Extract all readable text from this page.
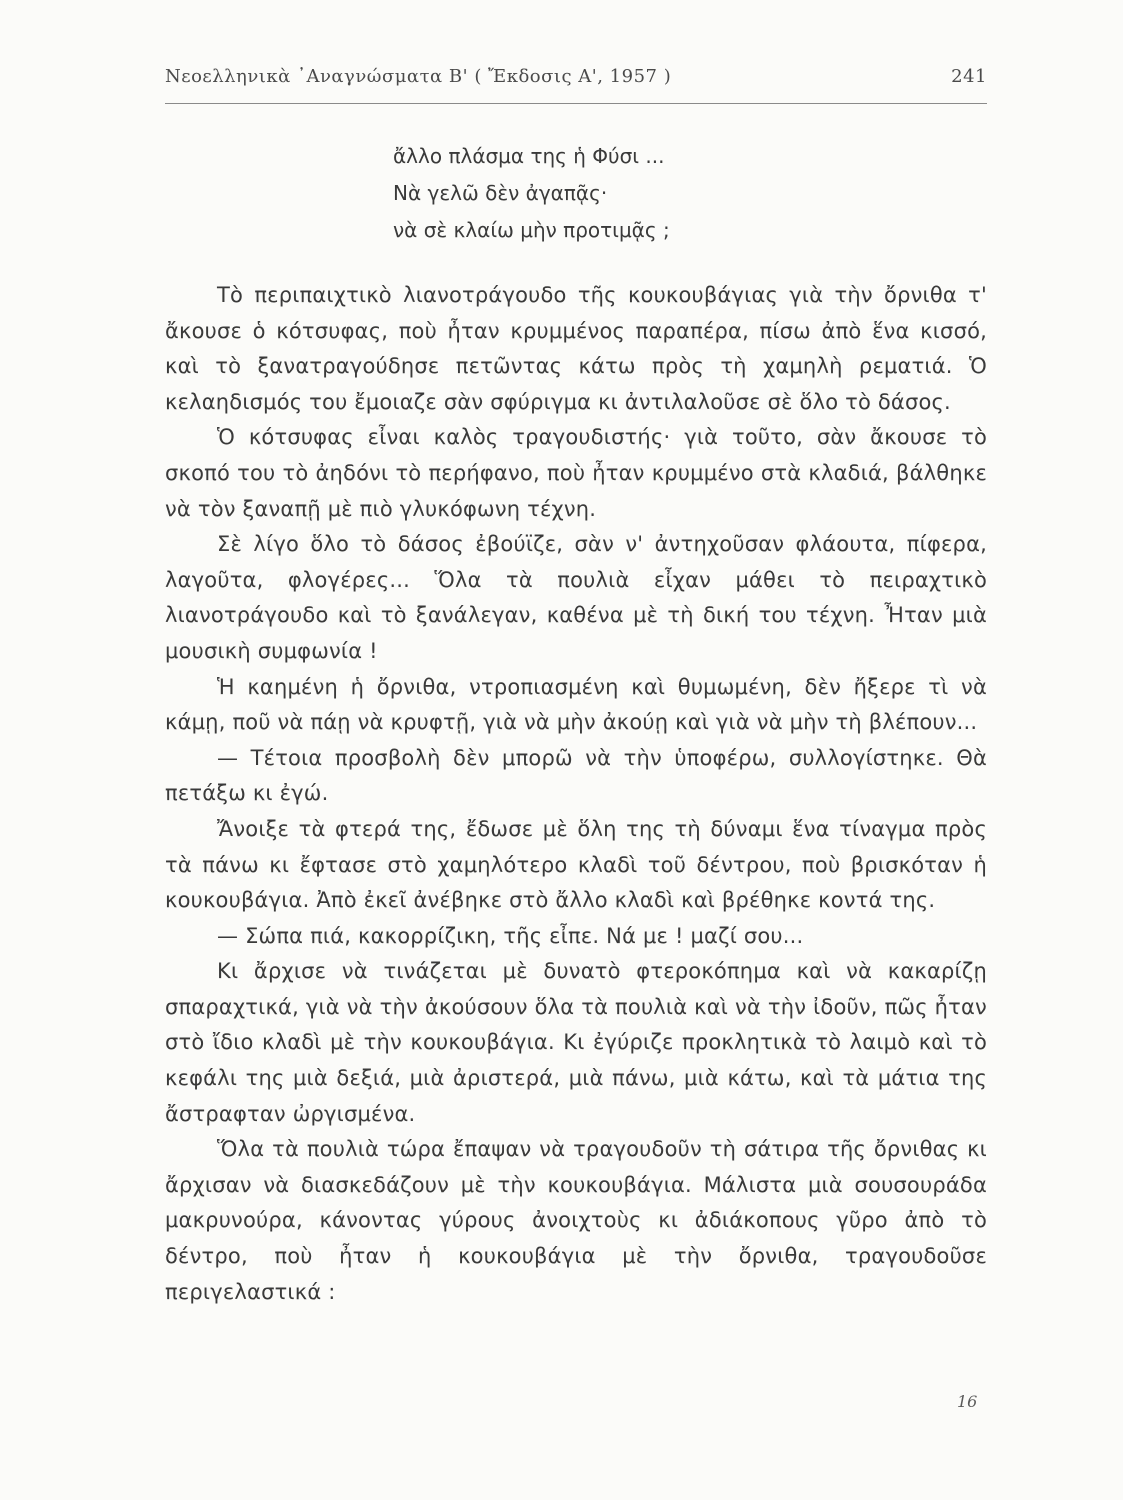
Νεοελληνικὰ ᾿Αναγνώσματα Β' ( Ἔκδοσις Α', 1957 )	241
ἄλλο πλάσμα της ἡ Φύσι ...
Νὰ γελῶ δὲν ἀγαπᾷς·
νὰ σὲ κλαίω μὴν προτιμᾷς ;

Τὸ περιπαιχτικὸ λιανοτράγουδο τῆς κουκουβάγιας γιὰ τὴν ὄρνιθα τ' ἄκουσε ὁ κότσυφας, ποὺ ἦταν κρυμμένος παραπέρα, πίσω ἀπὸ ἕνα κισσό, καὶ τὸ ξανατραγούδησε πετῶντας κάτω πρὸς τὴ χαμηλὴ ρεματιά. Ὁ κελαηδισμός του ἔμοιαζε σὰν σφύριγμα κι ἀντιλαλοῦσε σὲ ὅλο τὸ δάσος.

Ὁ κότσυφας εἶναι καλὸς τραγουδιστής· γιὰ τοῦτο, σὰν ἄκουσε τὸ σκοπό του τὸ ἀηδόνι τὸ περήφανο, ποὺ ἦταν κρυμμένο στὰ κλαδιά, βάλθηκε νὰ τὸν ξαναπῇ μὲ πιὸ γλυκόφωνη τέχνη.

Σὲ λίγο ὅλο τὸ δάσος ἐβούϊζε, σὰν ν' ἀντηχοῦσαν φλάουτα, πίφερα, λαγοῦτα, φλογέρες... Ὅλα τὰ πουλιὰ εἶχαν μάθει τὸ πειραχτικὸ λιανοτράγουδο καὶ τὸ ξανάλεγαν, καθένα μὲ τὴ δική του τέχνη. Ἦταν μιὰ μουσικὴ συμφωνία !

Ἡ καημένη ἡ ὄρνιθα, ντροπιασμένη καὶ θυμωμένη, δὲν ἤξερε τὶ νὰ κάμῃ, ποῦ νὰ πάῃ νὰ κρυφτῇ, γιὰ νὰ μὴν ἀκούῃ καὶ γιὰ νὰ μὴν τὴ βλέπουν...

— Τέτοια προσβολὴ δὲν μπορῶ νὰ τὴν ὑποφέρω, συλλογίστηκε. Θὰ πετάξω κι ἐγώ.

Ἄνοιξε τὰ φτερά της, ἔδωσε μὲ ὅλη της τὴ δύναμι ἕνα τίναγμα πρὸς τὰ πάνω κι ἔφτασε στὸ χαμηλότερο κλαδὶ τοῦ δέντρου, ποὺ βρισκόταν ἡ κουκουβάγια. Ἀπὸ ἐκεῖ ἀνέβηκε στὸ ἄλλο κλαδὶ καὶ βρέθηκε κοντά της.

— Σώπα πιά, κακορρίζικη, τῆς εἶπε. Νά με ! μαζί σου...

Κι ἄρχισε νὰ τινάζεται μὲ δυνατὸ φτεροκόπημα καὶ νὰ κακαρίζῃ σπαραχτικά, γιὰ νὰ τὴν ἀκούσουν ὅλα τὰ πουλιὰ καὶ νὰ τὴν ἰδοῦν, πῶς ἦταν στὸ ἴδιο κλαδὶ μὲ τὴν κουκουβάγια. Κι ἐγύριζε προκλητικὰ τὸ λαιμὸ καὶ τὸ κεφάλι της μιὰ δεξιά, μιὰ ἀριστερά, μιὰ πάνω, μιὰ κάτω, καὶ τὰ μάτια της ἄστραφταν ὠργισμένα.

Ὅλα τὰ πουλιὰ τώρα ἔπαψαν νὰ τραγουδοῦν τὴ σάτιρα τῆς ὄρνιθας κι ἄρχισαν νὰ διασκεδάζουν μὲ τὴν κουκουβάγια. Μάλιστα μιὰ σουσουράδα μακρυνούρα, κάνοντας γύρους ἀνοιχτοὺς κι ἀδιάκοπους γῦρο ἀπὸ τὸ δέντρο, ποὺ ἦταν ἡ κουκουβάγια μὲ τὴν ὄρνιθα, τραγουδοῦσε περιγελαστικά :

16
